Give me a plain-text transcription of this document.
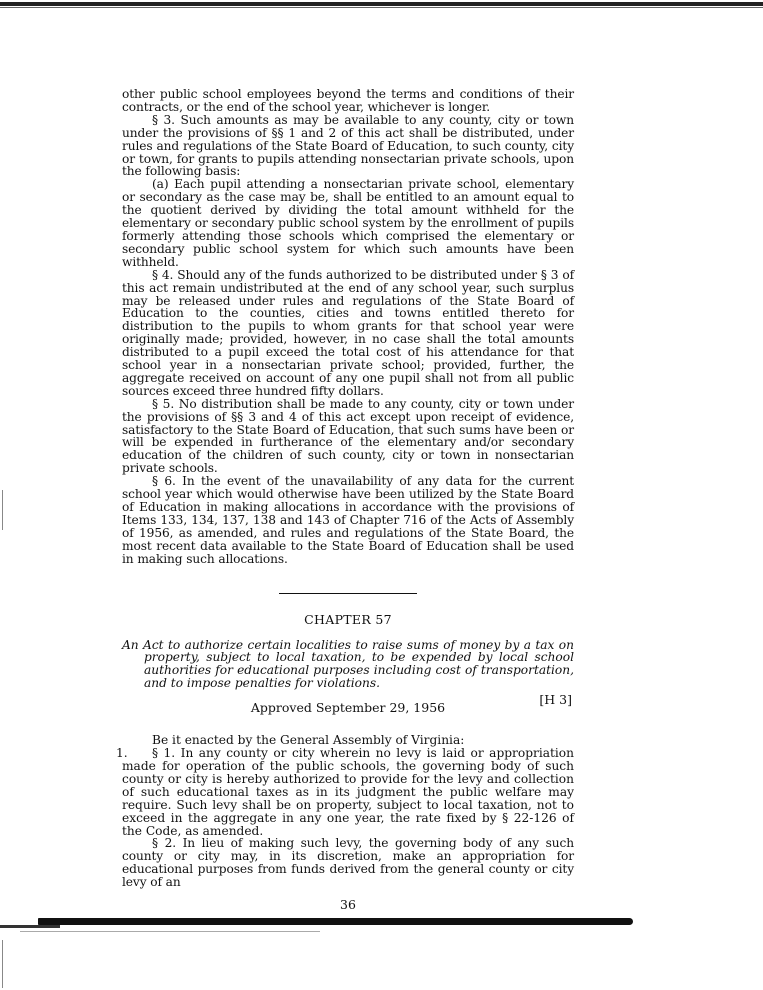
other public school employees beyond the terms and conditions of their contracts, or the end of the school year, whichever is longer.

§ 3. Such amounts as may be available to any county, city or town under the provisions of §§ 1 and 2 of this act shall be distributed, under rules and regulations of the State Board of Education, to such county, city or town, for grants to pupils attending nonsectarian private schools, upon the following basis:

(a) Each pupil attending a nonsectarian private school, elementary or secondary as the case may be, shall be entitled to an amount equal to the quotient derived by dividing the total amount withheld for the elementary or secondary public school system by the enrollment of pupils formerly attending those schools which comprised the elementary or secondary public school system for which such amounts have been withheld.

§ 4. Should any of the funds authorized to be distributed under § 3 of this act remain undistributed at the end of any school year, such surplus may be released under rules and regulations of the State Board of Education to the counties, cities and towns entitled thereto for distribution to the pupils to whom grants for that school year were originally made; provided, however, in no case shall the total amounts distributed to a pupil exceed the total cost of his attendance for that school year in a nonsectarian private school; provided, further, the aggregate received on account of any one pupil shall not from all public sources exceed three hundred fifty dollars.

§ 5. No distribution shall be made to any county, city or town under the provisions of §§ 3 and 4 of this act except upon receipt of evidence, satisfactory to the State Board of Education, that such sums have been or will be expended in furtherance of the elementary and/or secondary education of the children of such county, city or town in nonsectarian private schools.

§ 6. In the event of the unavailability of any data for the current school year which would otherwise have been utilized by the State Board of Education in making allocations in accordance with the provisions of Items 133, 134, 137, 138 and 143 of Chapter 716 of the Acts of Assembly of 1956, as amended, and rules and regulations of the State Board, the most recent data available to the State Board of Education shall be used in making such allocations.

CHAPTER 57

An Act to authorize certain localities to raise sums of money by a tax on property, subject to local taxation, to be expended by local school authorities for educational purposes including cost of transportation, and to impose penalties for violations.

Approved September 29, 1956
[H 3]

Be it enacted by the General Assembly of Virginia:

1. § 1. In any county or city wherein no levy is laid or appropriation made for operation of the public schools, the governing body of such county or city is hereby authorized to provide for the levy and collection of such educational taxes as in its judgment the public welfare may require. Such levy shall be on property, subject to local taxation, not to exceed in the aggregate in any one year, the rate fixed by § 22-126 of the Code, as amended.

§ 2. In lieu of making such levy, the governing body of any such county or city may, in its discretion, make an appropriation for educational purposes from funds derived from the general county or city levy of an

36
